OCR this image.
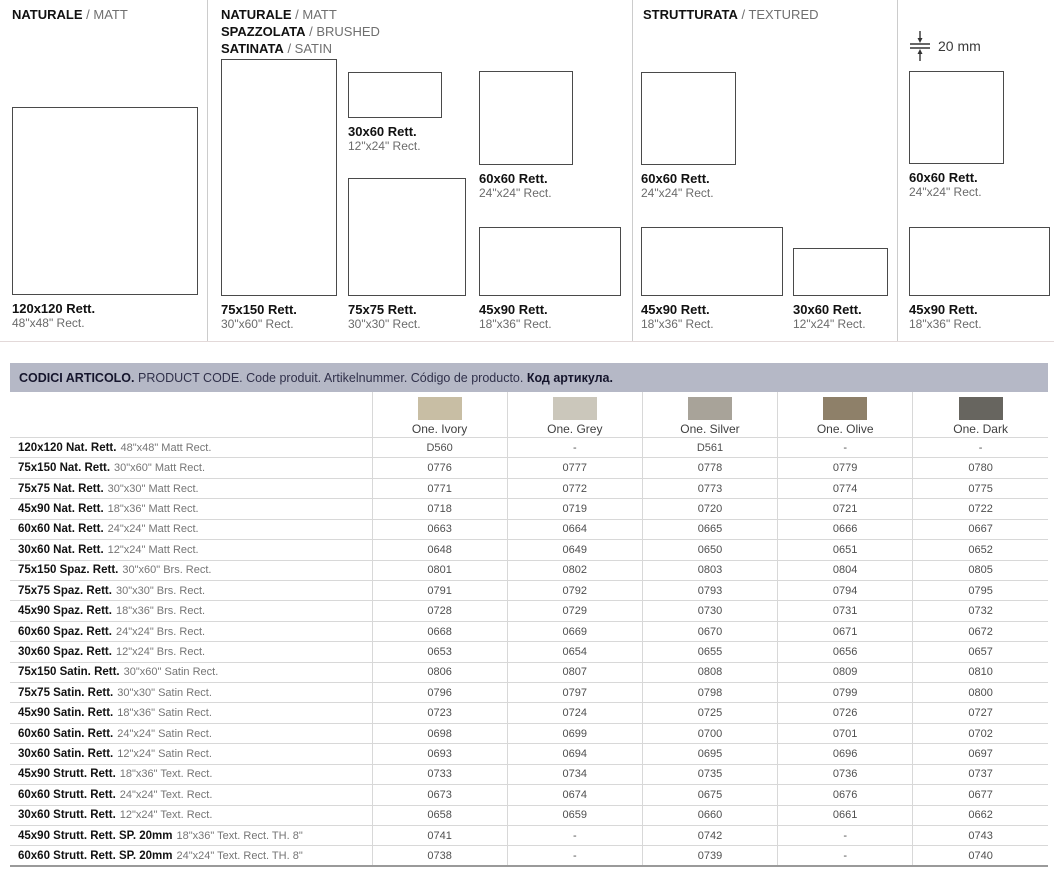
NATURALE / MATT
120x120 Rett.
48"x48" Rect.
NATURALE / MATT
SPAZZOLATA / BRUSHED
SATINATA / SATIN
75x150 Rett.
30"x60" Rect.
30x60 Rett.
12"x24" Rect.
75x75 Rett.
30"x30" Rect.
60x60 Rett.
24"x24" Rect.
45x90 Rett.
18"x36" Rect.
STRUTTURATA / TEXTURED
60x60 Rett.
24"x24" Rect.
45x90 Rett.
18"x36" Rect.
30x60 Rett.
12"x24" Rect.
20 mm
60x60 Rett.
24"x24" Rect.
45x90 Rett.
18"x36" Rect.
CODICI ARTICOLO. PRODUCT CODE. Code produit. Artikelnummer. Código de producto. Код артикула.

	One. Ivory	One. Grey	One. Silver	One. Olive	One. Dark

120x120 Nat. Rett. 48"x48" Matt Rect.	D560	-	D561	-	-
75x150 Nat. Rett. 30"x60" Matt Rect.	0776	0777	0778	0779	0780
75x75 Nat. Rett. 30"x30" Matt Rect.	0771	0772	0773	0774	0775
45x90 Nat. Rett. 18"x36" Matt Rect.	0718	0719	0720	0721	0722
60x60 Nat. Rett. 24"x24" Matt Rect.	0663	0664	0665	0666	0667
30x60 Nat. Rett. 12"x24" Matt Rect.	0648	0649	0650	0651	0652
75x150 Spaz. Rett. 30"x60" Brs. Rect.	0801	0802	0803	0804	0805
75x75 Spaz. Rett. 30"x30" Brs. Rect.	0791	0792	0793	0794	0795
45x90 Spaz. Rett. 18"x36" Brs. Rect.	0728	0729	0730	0731	0732
60x60 Spaz. Rett. 24"x24" Brs. Rect.	0668	0669	0670	0671	0672
30x60 Spaz. Rett. 12"x24" Brs. Rect.	0653	0654	0655	0656	0657
75x150 Satin. Rett. 30"x60" Satin Rect.	0806	0807	0808	0809	0810
75x75 Satin. Rett. 30"x30" Satin Rect.	0796	0797	0798	0799	0800
45x90 Satin. Rett. 18"x36" Satin Rect.	0723	0724	0725	0726	0727
60x60 Satin. Rett. 24"x24" Satin Rect.	0698	0699	0700	0701	0702
30x60 Satin. Rett. 12"x24" Satin Rect.	0693	0694	0695	0696	0697
45x90 Strutt. Rett. 18"x36" Text. Rect.	0733	0734	0735	0736	0737
60x60 Strutt. Rett. 24"x24" Text. Rect.	0673	0674	0675	0676	0677
30x60 Strutt. Rett. 12"x24" Text. Rect.	0658	0659	0660	0661	0662
45x90 Strutt. Rett. SP. 20mm 18"x36" Text. Rect. TH. 8"	0741	-	0742	-	0743
60x60 Strutt. Rett. SP. 20mm 24"x24" Text. Rect. TH. 8"	0738	-	0739	-	0740
